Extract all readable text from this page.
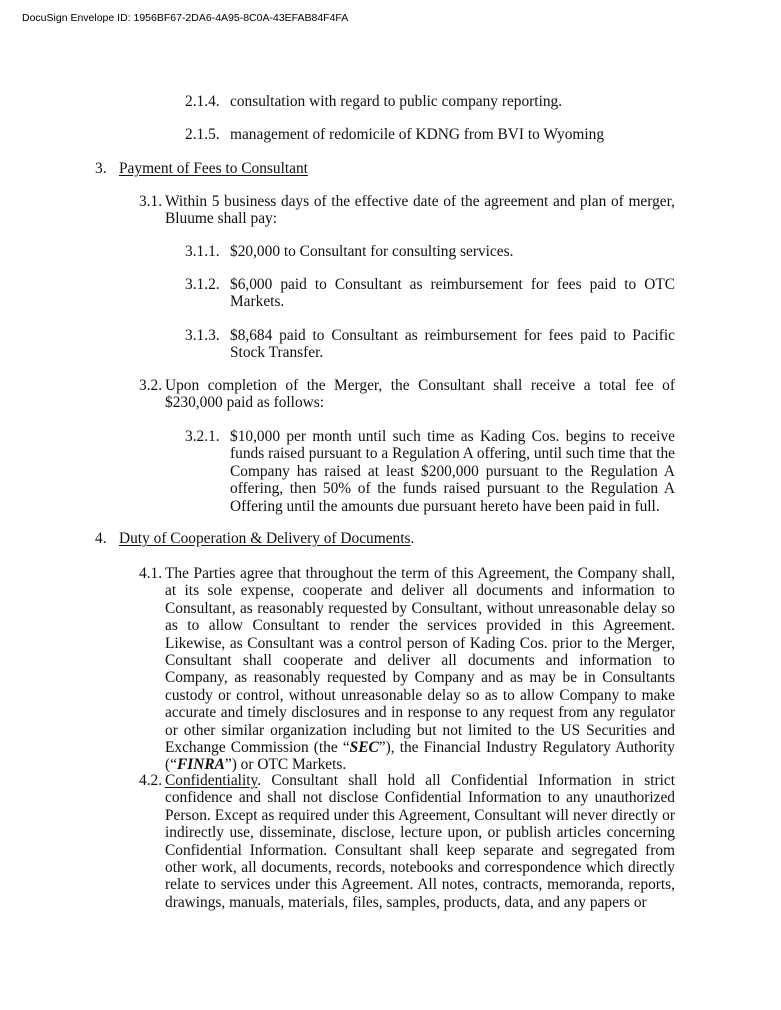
DocuSign Envelope ID: 1956BF67-2DA6-4A95-8C0A-43EFAB84F4FA
2.1.4. consultation with regard to public company reporting.
2.1.5. management of redomicile of KDNG from BVI to Wyoming
3. Payment of Fees to Consultant
3.1. Within 5 business days of the effective date of the agreement and plan of merger, Bluume shall pay:
3.1.1. $20,000 to Consultant for consulting services.
3.1.2. $6,000 paid to Consultant as reimbursement for fees paid to OTC Markets.
3.1.3. $8,684 paid to Consultant as reimbursement for fees paid to Pacific Stock Transfer.
3.2. Upon completion of the Merger, the Consultant shall receive a total fee of $230,000 paid as follows:
3.2.1. $10,000 per month until such time as Kading Cos. begins to receive funds raised pursuant to a Regulation A offering, until such time that the Company has raised at least $200,000 pursuant to the Regulation A offering, then 50% of the funds raised pursuant to the Regulation A Offering until the amounts due pursuant hereto have been paid in full.
4. Duty of Cooperation & Delivery of Documents.
4.1. The Parties agree that throughout the term of this Agreement, the Company shall, at its sole expense, cooperate and deliver all documents and information to Consultant, as reasonably requested by Consultant, without unreasonable delay so as to allow Consultant to render the services provided in this Agreement. Likewise, as Consultant was a control person of Kading Cos. prior to the Merger, Consultant shall cooperate and deliver all documents and information to Company, as reasonably requested by Company and as may be in Consultants custody or control, without unreasonable delay so as to allow Company to make accurate and timely disclosures and in response to any request from any regulator or other similar organization including but not limited to the US Securities and Exchange Commission (the “SEC”), the Financial Industry Regulatory Authority (“FINRA”) or OTC Markets.
4.2. Confidentiality. Consultant shall hold all Confidential Information in strict confidence and shall not disclose Confidential Information to any unauthorized Person. Except as required under this Agreement, Consultant will never directly or indirectly use, disseminate, disclose, lecture upon, or publish articles concerning Confidential Information. Consultant shall keep separate and segregated from other work, all documents, records, notebooks and correspondence which directly relate to services under this Agreement. All notes, contracts, memoranda, reports, drawings, manuals, materials, files, samples, products, data, and any papers or
